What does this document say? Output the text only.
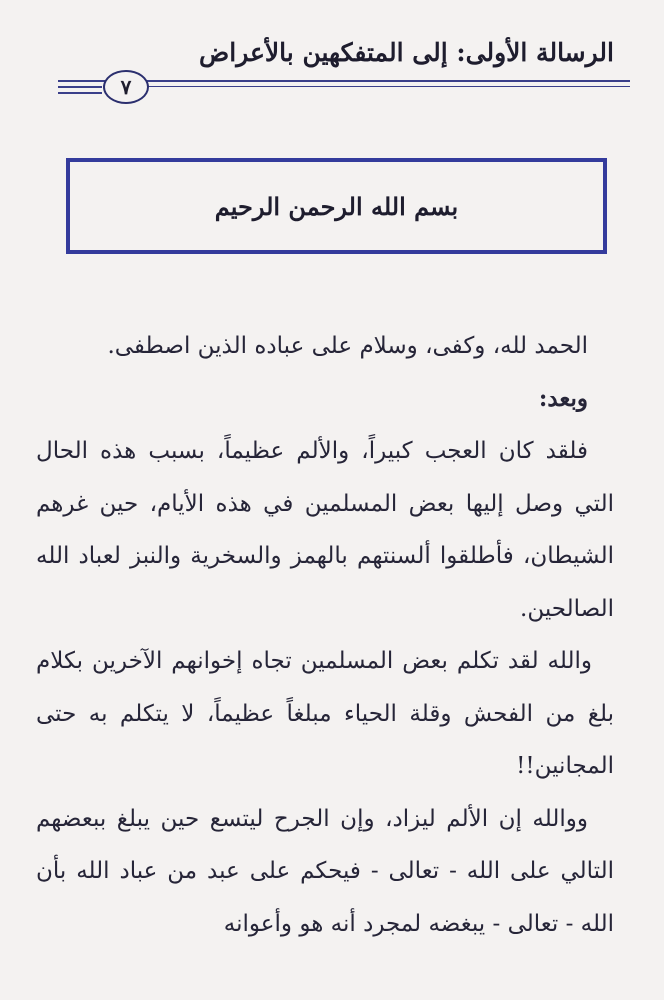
الرسالة الأولى: إلى المتفكهين بالأعراض
٧
بسم الله الرحمن الرحيم

الحمد لله، وكفى، وسلام على عباده الذين اصطفى.

وبعد:

فلقد كان العجب كبيراً، والألم عظيماً، بسبب هذه الحال التي وصل إليها بعض المسلمين في هذه الأيام، حين غرهم الشيطان، فأطلقوا ألسنتهم بالهمز والسخرية والنبز لعباد الله الصالحين.

والله لقد تكلم بعض المسلمين تجاه إخوانهم الآخرين بكلام بلغ من الفحش وقلة الحياء مبلغاً عظيماً، لا يتكلم به حتى المجانين!!

ووالله إن الألم ليزاد، وإن الجرح ليتسع حين يبلغ ببعضهم التالي على الله - تعالى - فيحكم على عبد من عباد الله بأن الله - تعالى - يبغضه لمجرد أنه هو وأعوانه
